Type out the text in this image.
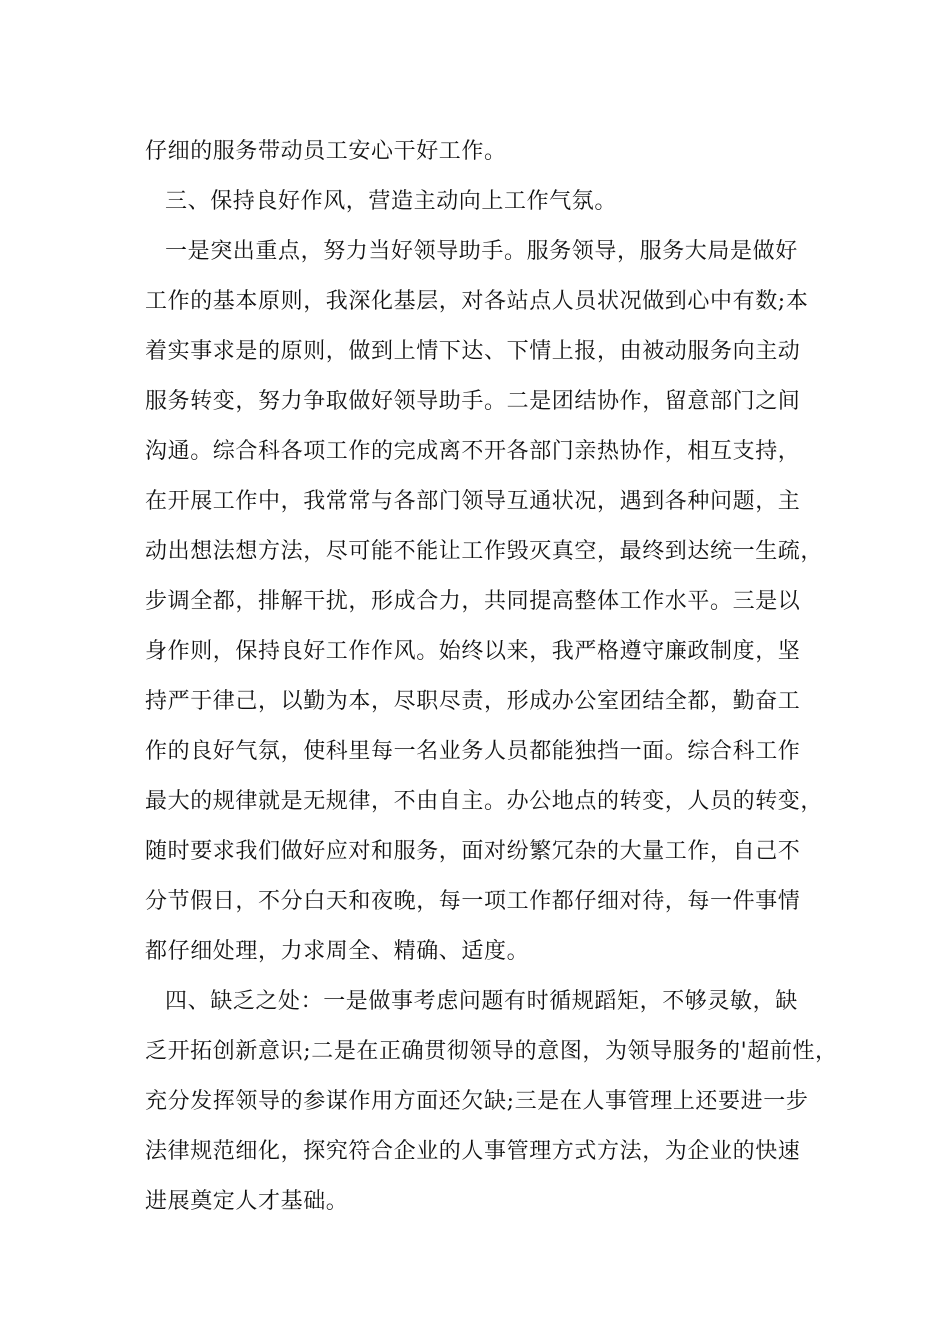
仔细的服务带动员工安心干好工作。
三、保持良好作风，营造主动向上工作气氛。
一是突出重点，努力当好领导助手。服务领导，服务大局是做好
工作的基本原则，我深化基层，对各站点人员状况做到心中有数;本
着实事求是的原则，做到上情下达、下情上报，由被动服务向主动
服务转变，努力争取做好领导助手。二是团结协作，留意部门之间
沟通。综合科各项工作的完成离不开各部门亲热协作，相互支持，
在开展工作中，我常常与各部门领导互通状况，遇到各种问题，主
动出想法想方法，尽可能不能让工作毁灭真空，最终到达统一生疏，
步调全都，排解干扰，形成合力，共同提高整体工作水平。三是以
身作则，保持良好工作作风。始终以来，我严格遵守廉政制度，坚
持严于律己，以勤为本，尽职尽责，形成办公室团结全都，勤奋工
作的良好气氛，使科里每一名业务人员都能独挡一面。综合科工作
最大的规律就是无规律，不由自主。办公地点的转变，人员的转变，
随时要求我们做好应对和服务，面对纷繁冗杂的大量工作，自己不
分节假日，不分白天和夜晚，每一项工作都仔细对待，每一件事情
都仔细处理，力求周全、精确、适度。
四、缺乏之处：一是做事考虑问题有时循规蹈矩，不够灵敏，缺
乏开拓创新意识;二是在正确贯彻领导的意图，为领导服务的'超前性，
充分发挥领导的参谋作用方面还欠缺;三是在人事管理上还要进一步
法律规范细化，探究符合企业的人事管理方式方法，为企业的快速
进展奠定人才基础。
